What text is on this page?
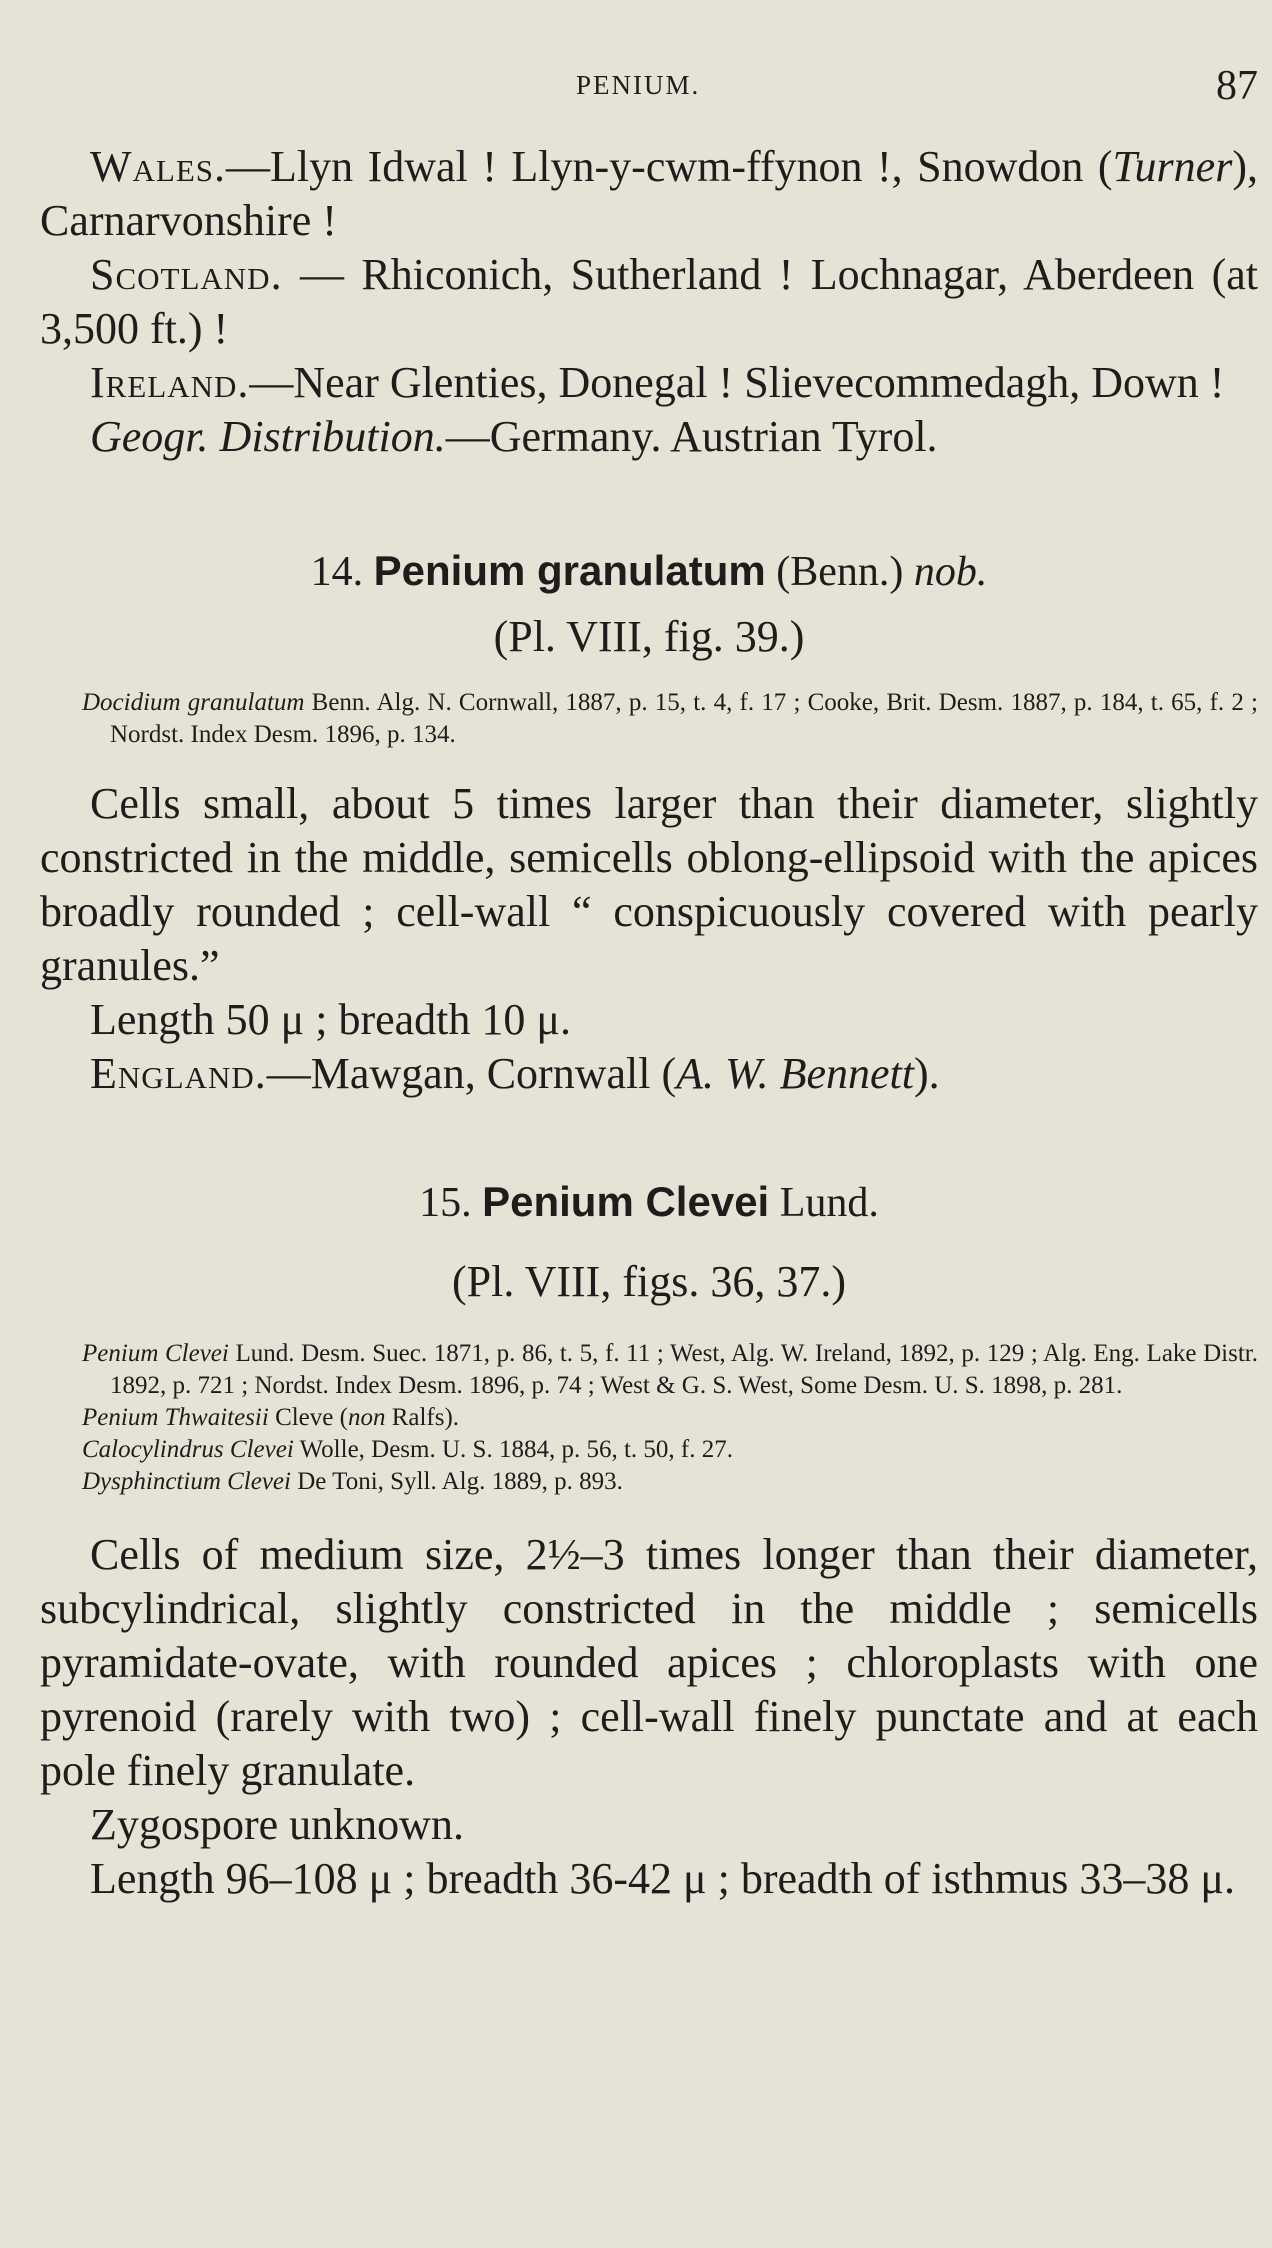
PENIUM.	87

Wales.—Llyn Idwal ! Llyn-y-cwm-ffynon !, Snowdon (Turner), Carnarvonshire !

Scotland. — Rhiconich, Sutherland ! Lochnagar, Aberdeen (at 3,500 ft.) !

Ireland.—Near Glenties, Donegal ! Slievecommedagh, Down !

Geogr. Distribution.—Germany. Austrian Tyrol.

14. Penium granulatum (Benn.) nob.

(Pl. VIII, fig. 39.)

Docidium granulatum Benn. Alg. N. Cornwall, 1887, p. 15, t. 4, f. 17 ; Cooke, Brit. Desm. 1887, p. 184, t. 65, f. 2 ; Nordst. Index Desm. 1896, p. 134.

Cells small, about 5 times larger than their diameter, slightly constricted in the middle, semicells oblong-ellipsoid with the apices broadly rounded ; cell-wall “ conspicuously covered with pearly granules.”

Length 50 μ ; breadth 10 μ.

England.—Mawgan, Cornwall (A. W. Bennett).

15. Penium Clevei Lund.

(Pl. VIII, figs. 36, 37.)

Penium Clevei Lund. Desm. Suec. 1871, p. 86, t. 5, f. 11 ; West, Alg. W. Ireland, 1892, p. 129 ; Alg. Eng. Lake Distr. 1892, p. 721 ; Nordst. Index Desm. 1896, p. 74 ; West & G. S. West, Some Desm. U. S. 1898, p. 281.

Penium Thwaitesii Cleve (non Ralfs).

Calocylindrus Clevei Wolle, Desm. U. S. 1884, p. 56, t. 50, f. 27.

Dysphinctium Clevei De Toni, Syll. Alg. 1889, p. 893.

Cells of medium size, 2½–3 times longer than their diameter, subcylindrical, slightly constricted in the middle ; semicells pyramidate-ovate, with rounded apices ; chloroplasts with one pyrenoid (rarely with two) ; cell-wall finely punctate and at each pole finely granulate.

Zygospore unknown.

Length 96–108 μ ; breadth 36-42 μ ; breadth of isthmus 33–38 μ.
